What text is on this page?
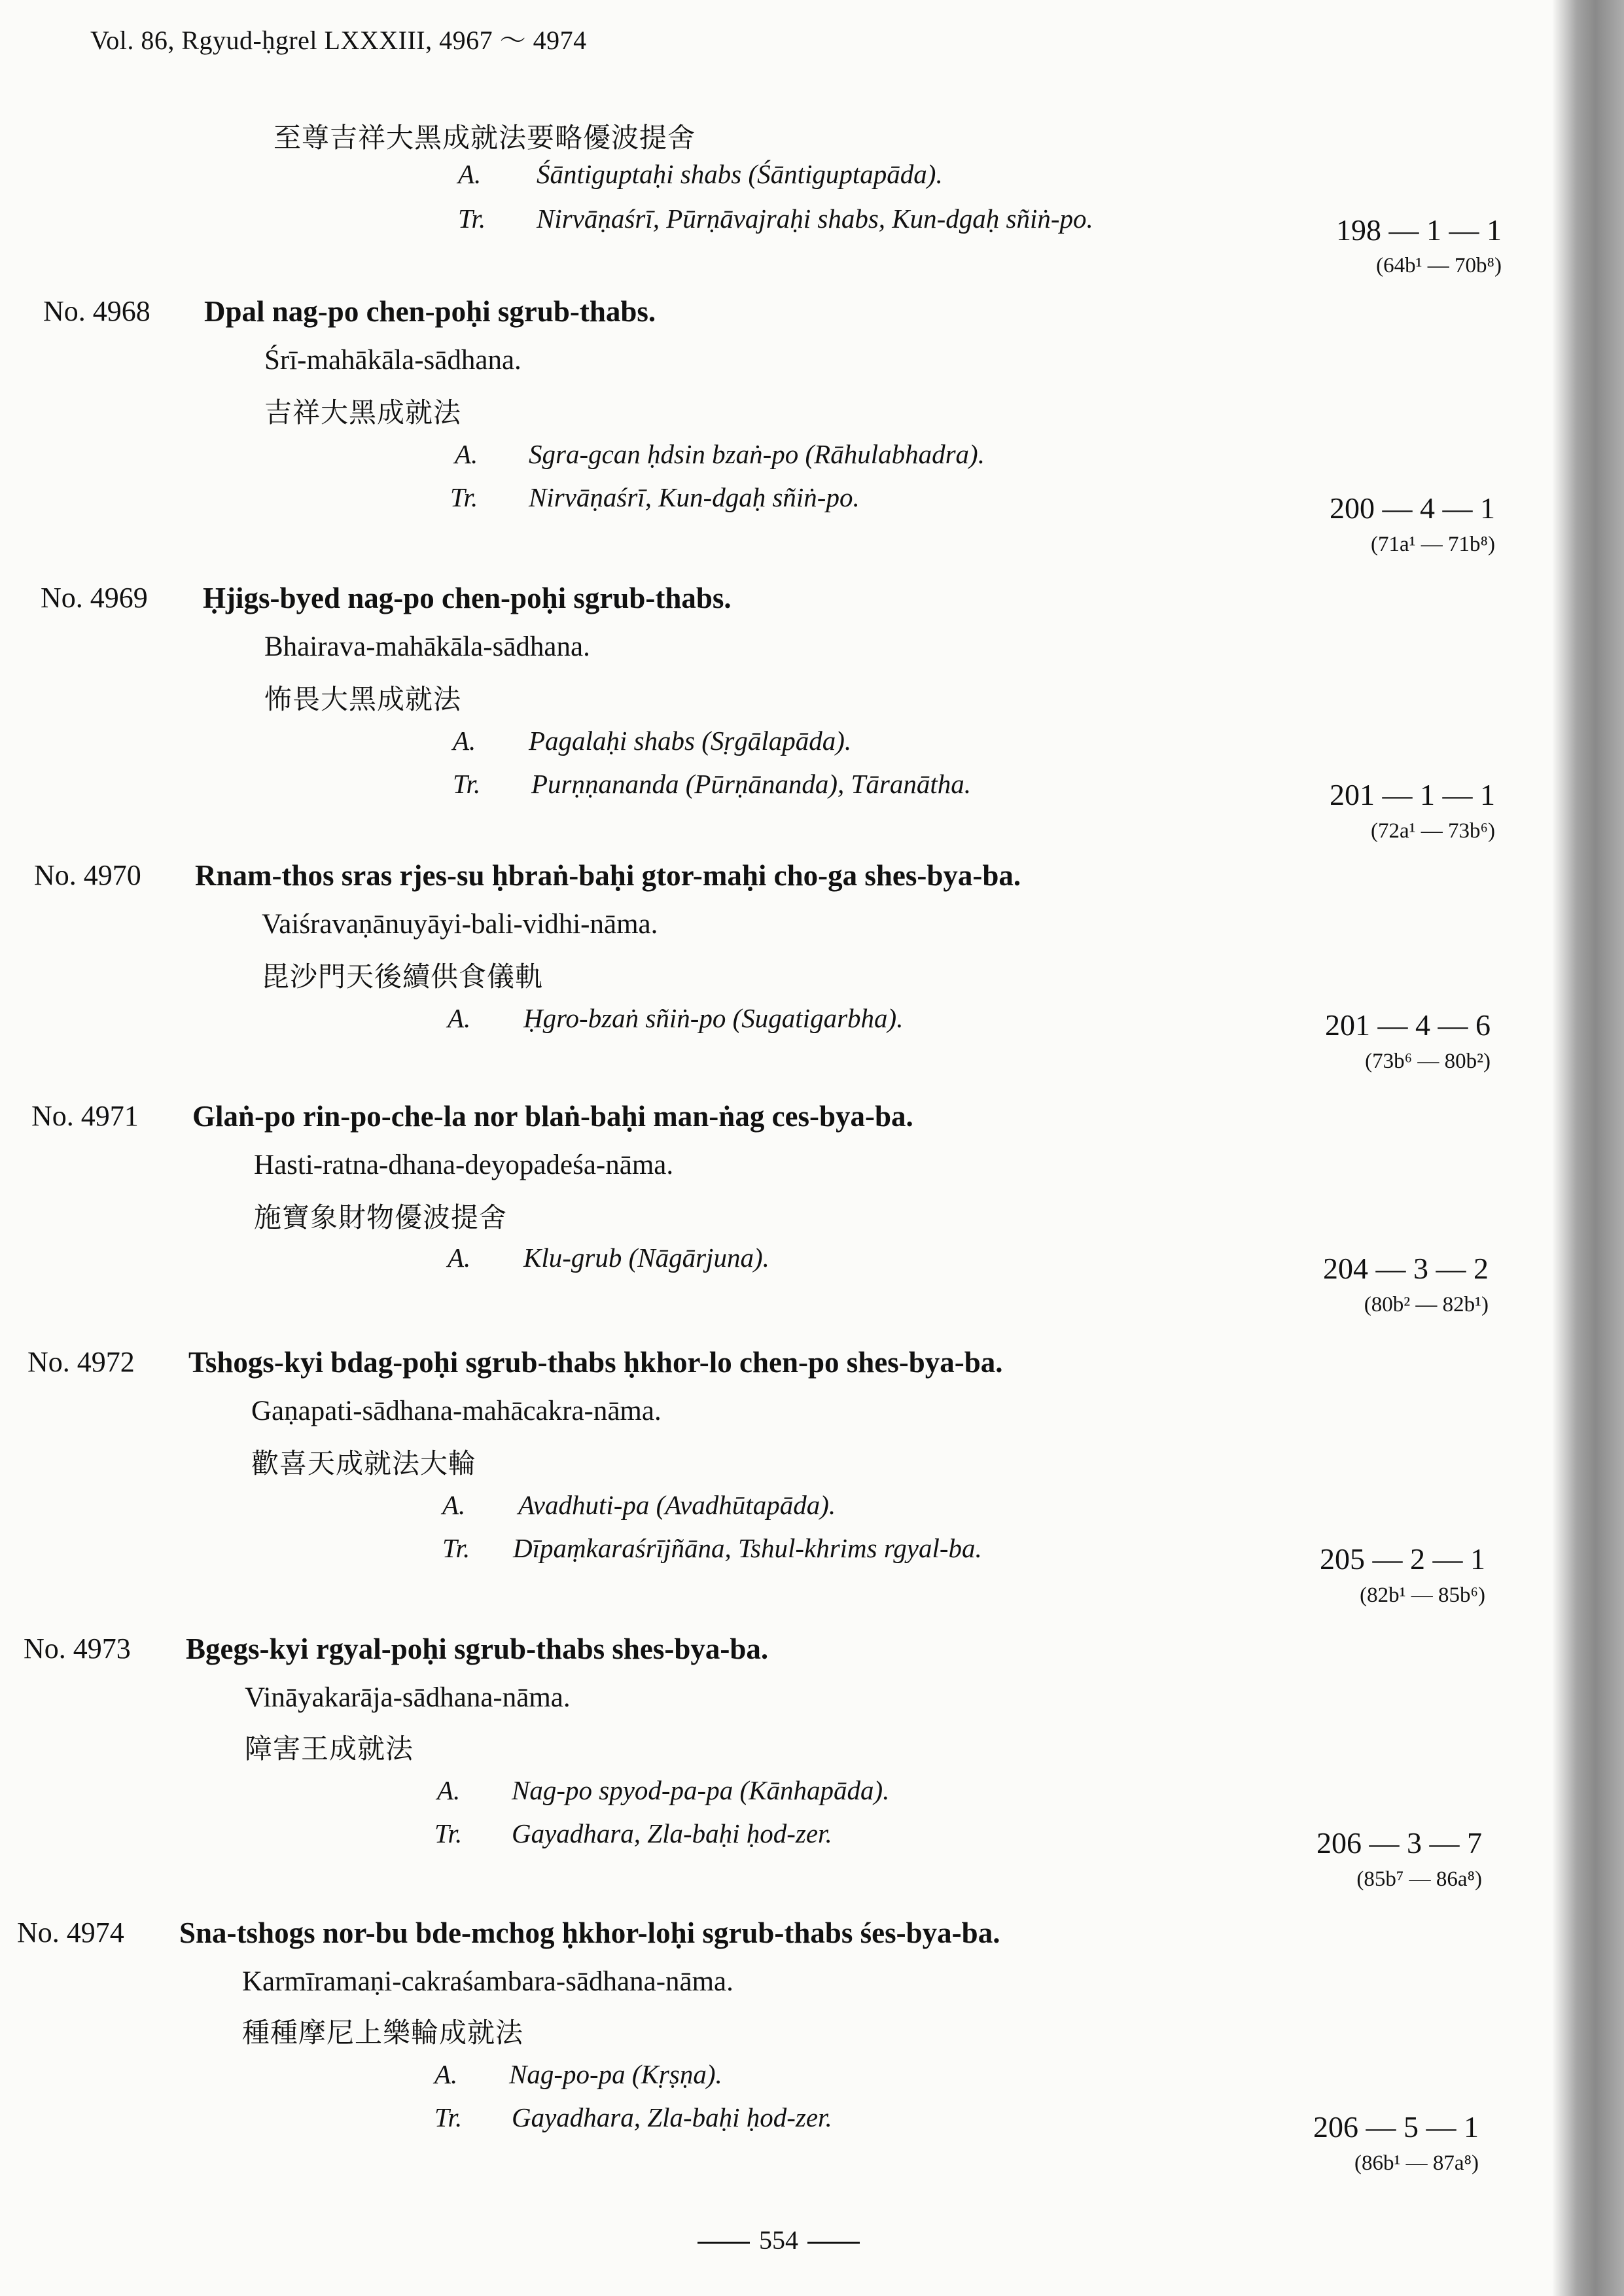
Vol. 86, Rgyud-ḥgrel LXXXIII, 4967 ～ 4974
至尊吉祥大黑成就法要略優波提舍
A. Śāntiguptaḥi shabs (Śāntiguptapāda).
Tr. Nirvāṇaśrī, Pūrṇāvajraḥi shabs, Kun-dgaḥ sñiṅ-po.	198 — 1 — 1
(64b¹ — 70b⁸)
No. 4968 Dpal nag-po chen-poḥi sgrub-thabs.
Śrī-mahākāla-sādhana.
吉祥大黑成就法
A. Sgra-gcan ḥdsin bzaṅ-po (Rāhulabhadra).
Tr. Nirvāṇaśrī, Kun-dgaḥ sñiṅ-po.	200 — 4 — 1
(71a¹ — 71b⁸)
No. 4969 Ḥjigs-byed nag-po chen-poḥi sgrub-thabs.
Bhairava-mahākāla-sādhana.
怖畏大黑成就法
A. Pagalaḥi shabs (Sṛgālapāda).
Tr. Purṇṇananda (Pūrṇānanda), Tāranātha.	201 — 1 — 1
(72a¹ — 73b⁶)
No. 4970 Rnam-thos sras rjes-su ḥbraṅ-baḥi gtor-maḥi cho-ga shes-bya-ba.
Vaiśravaṇānuyāyi-bali-vidhi-nāma.
毘沙門天後續供食儀軌
A. Ḥgro-bzaṅ sñiṅ-po (Sugatigarbha).	201 — 4 — 6
(73b⁶ — 80b²)
No. 4971 Glaṅ-po rin-po-che-la nor blaṅ-baḥi man-ṅag ces-bya-ba.
Hasti-ratna-dhana-deyopadeśa-nāma.
施寶象財物優波提舍
A. Klu-grub (Nāgārjuna).	204 — 3 — 2
(80b² — 82b¹)
No. 4972 Tshogs-kyi bdag-poḥi sgrub-thabs ḥkhor-lo chen-po shes-bya-ba.
Gaṇapati-sādhana-mahācakra-nāma.
歡喜天成就法大輪
A. Avadhuti-pa (Avadhūtapāda).
Tr. Dīpaṃkaraśrījñāna, Tshul-khrims rgyal-ba.	205 — 2 — 1
(82b¹ — 85b⁶)
No. 4973 Bgegs-kyi rgyal-poḥi sgrub-thabs shes-bya-ba.
Vināyakarāja-sādhana-nāma.
障害王成就法
A. Nag-po spyod-pa-pa (Kānhapāda).
Tr. Gayadhara, Zla-baḥi ḥod-zer.	206 — 3 — 7
(85b⁷ — 86a⁸)
No. 4974 Sna-tshogs nor-bu bde-mchog ḥkhor-loḥi sgrub-thabs śes-bya-ba.
Karmīramaṇi-cakraśambara-sādhana-nāma.
種種摩尼上樂輪成就法
A. Nag-po-pa (Kṛṣṇa).
Tr. Gayadhara, Zla-baḥi ḥod-zer.	206 — 5 — 1
(86b¹ — 87a⁸)
554
